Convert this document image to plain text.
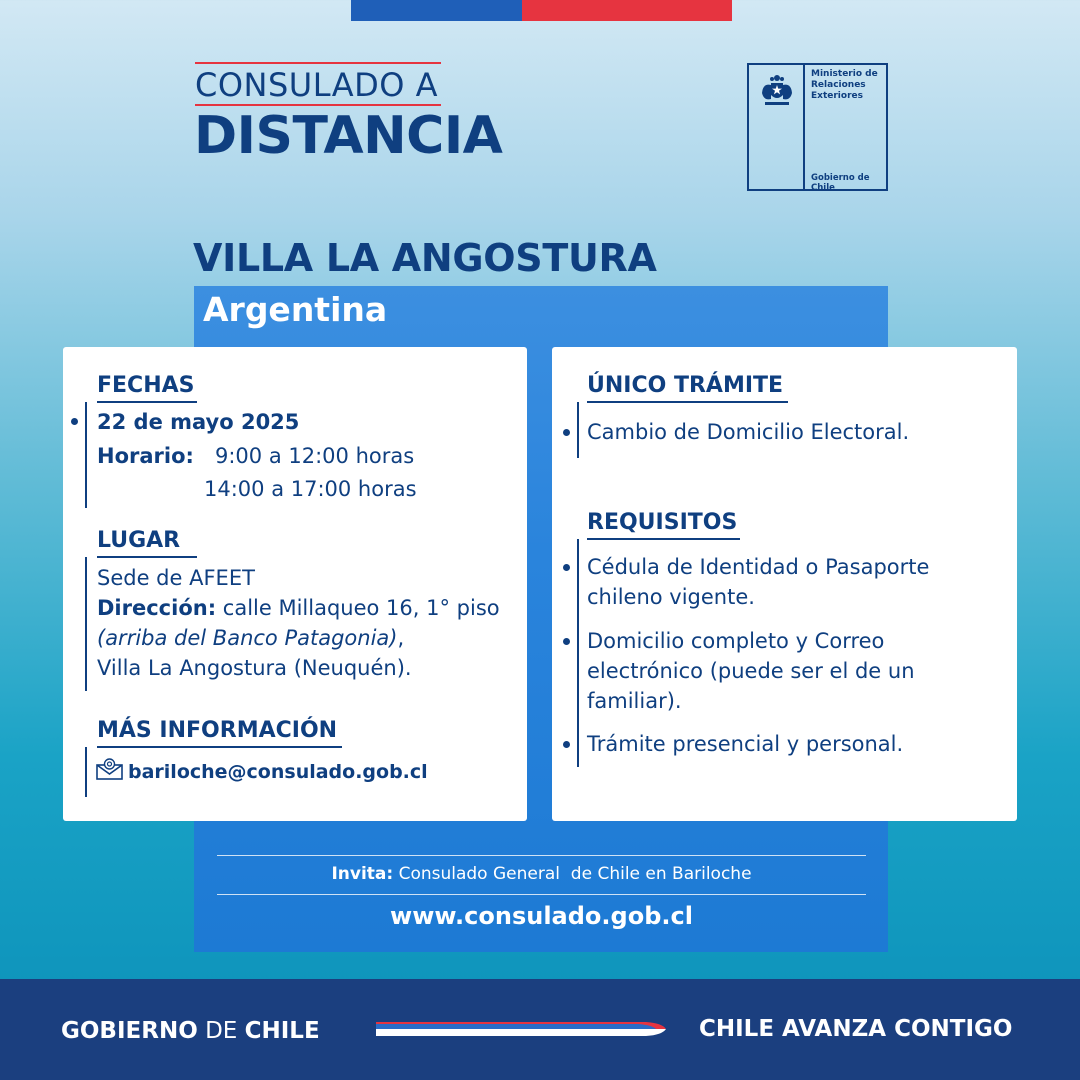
CONSULADO A
DISTANCIA
Ministerio de
Relaciones
Exteriores
Gobierno de Chile
VILLA LA ANGOSTURA
Argentina
FECHAS
22 de mayo 2025
Horario: 9:00 a 12:00 horas
14:00 a 17:00 horas
LUGAR
Sede de AFEET
Dirección: calle Millaqueo 16, 1° piso
(arriba del Banco Patagonia),
Villa La Angostura (Neuquén).
MÁS INFORMACIÓN
bariloche@consulado.gob.cl
ÚNICO TRÁMITE
Cambio de Domicilio Electoral.
REQUISITOS
Cédula de Identidad o Pasaporte
chileno vigente.
Domicilio completo y Correo
electrónico (puede ser el de un
familiar).
Trámite presencial y personal.
Invita: Consulado General  de Chile en Bariloche
www.consulado.gob.cl
GOBIERNO DE CHILE	CHILE AVANZA CONTIGO
